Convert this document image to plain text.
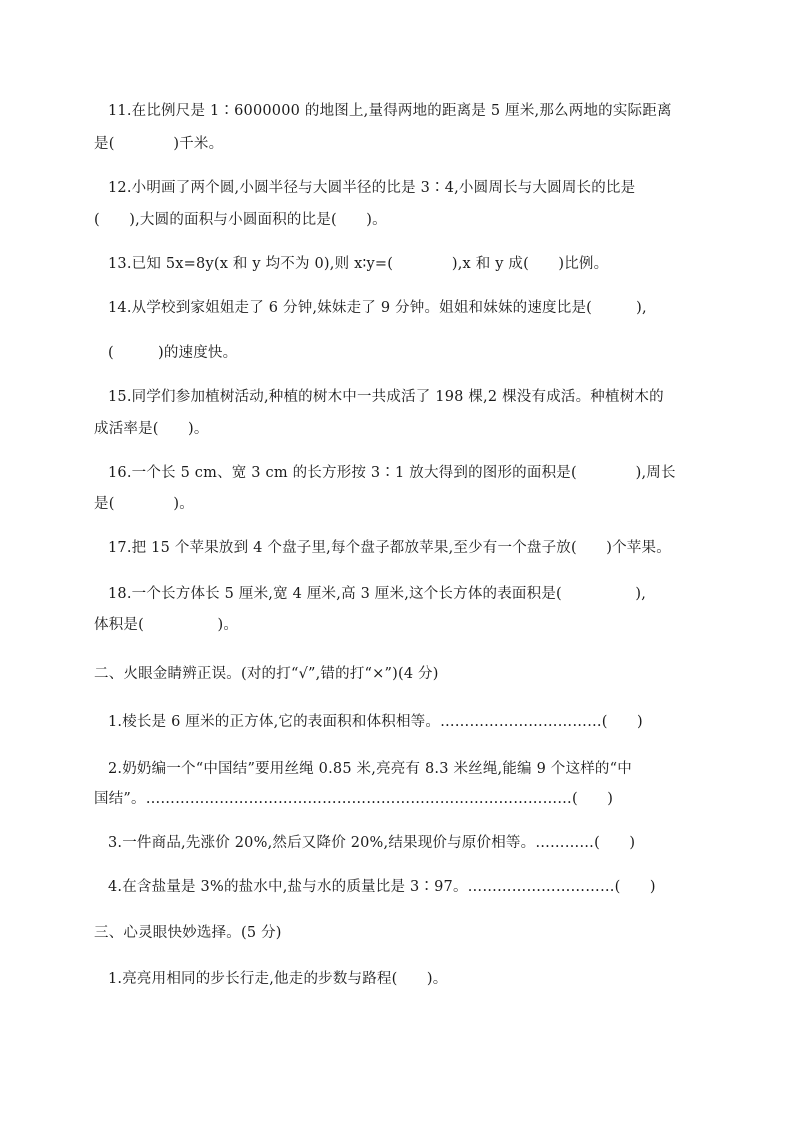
11.在比例尺是 1∶6000000 的地图上,量得两地的距离是 5 厘米,那么两地的实际距离
是(　　　　)千米。
12.小明画了两个圆,小圆半径与大圆半径的比是 3∶4,小圆周长与大圆周长的比是
(　　),大圆的面积与小圆面积的比是(　　)。
13.已知 5x=8y(x 和 y 均不为 0),则 x∶y=(　　　　),x 和 y 成(　　)比例。
14.从学校到家姐姐走了 6 分钟,妹妹走了 9 分钟。姐姐和妹妹的速度比是(　　　),
(　　　)的速度快。
15.同学们参加植树活动,种植的树木中一共成活了 198 棵,2 棵没有成活。种植树木的
成活率是(　　)。
16.一个长 5 cm、宽 3 cm 的长方形按 3∶1 放大得到的图形的面积是(　　　　),周长
是(　　　　)。
17.把 15 个苹果放到 4 个盘子里,每个盘子都放苹果,至少有一个盘子放(　　)个苹果。
18.一个长方体长 5 厘米,宽 4 厘米,高 3 厘米,这个长方体的表面积是(　　　　　),
体积是(　　　　　)。
二、火眼金睛辨正误。(对的打“√”,错的打“×”)(4 分)
1.棱长是 6 厘米的正方体,它的表面积和体积相等。……………………………(　　)
2.奶奶编一个“中国结”要用丝绳 0.85 米,亮亮有 8.3 米丝绳,能编 9 个这样的“中
国结”。……………………………………………………………………………(　　)
3.一件商品,先涨价 20%,然后又降价 20%,结果现价与原价相等。…………(　　)
4.在含盐量是 3%的盐水中,盐与水的质量比是 3∶97。…………………………(　　)
三、心灵眼快妙选择。(5 分)
1.亮亮用相同的步长行走,他走的步数与路程(　　)。
